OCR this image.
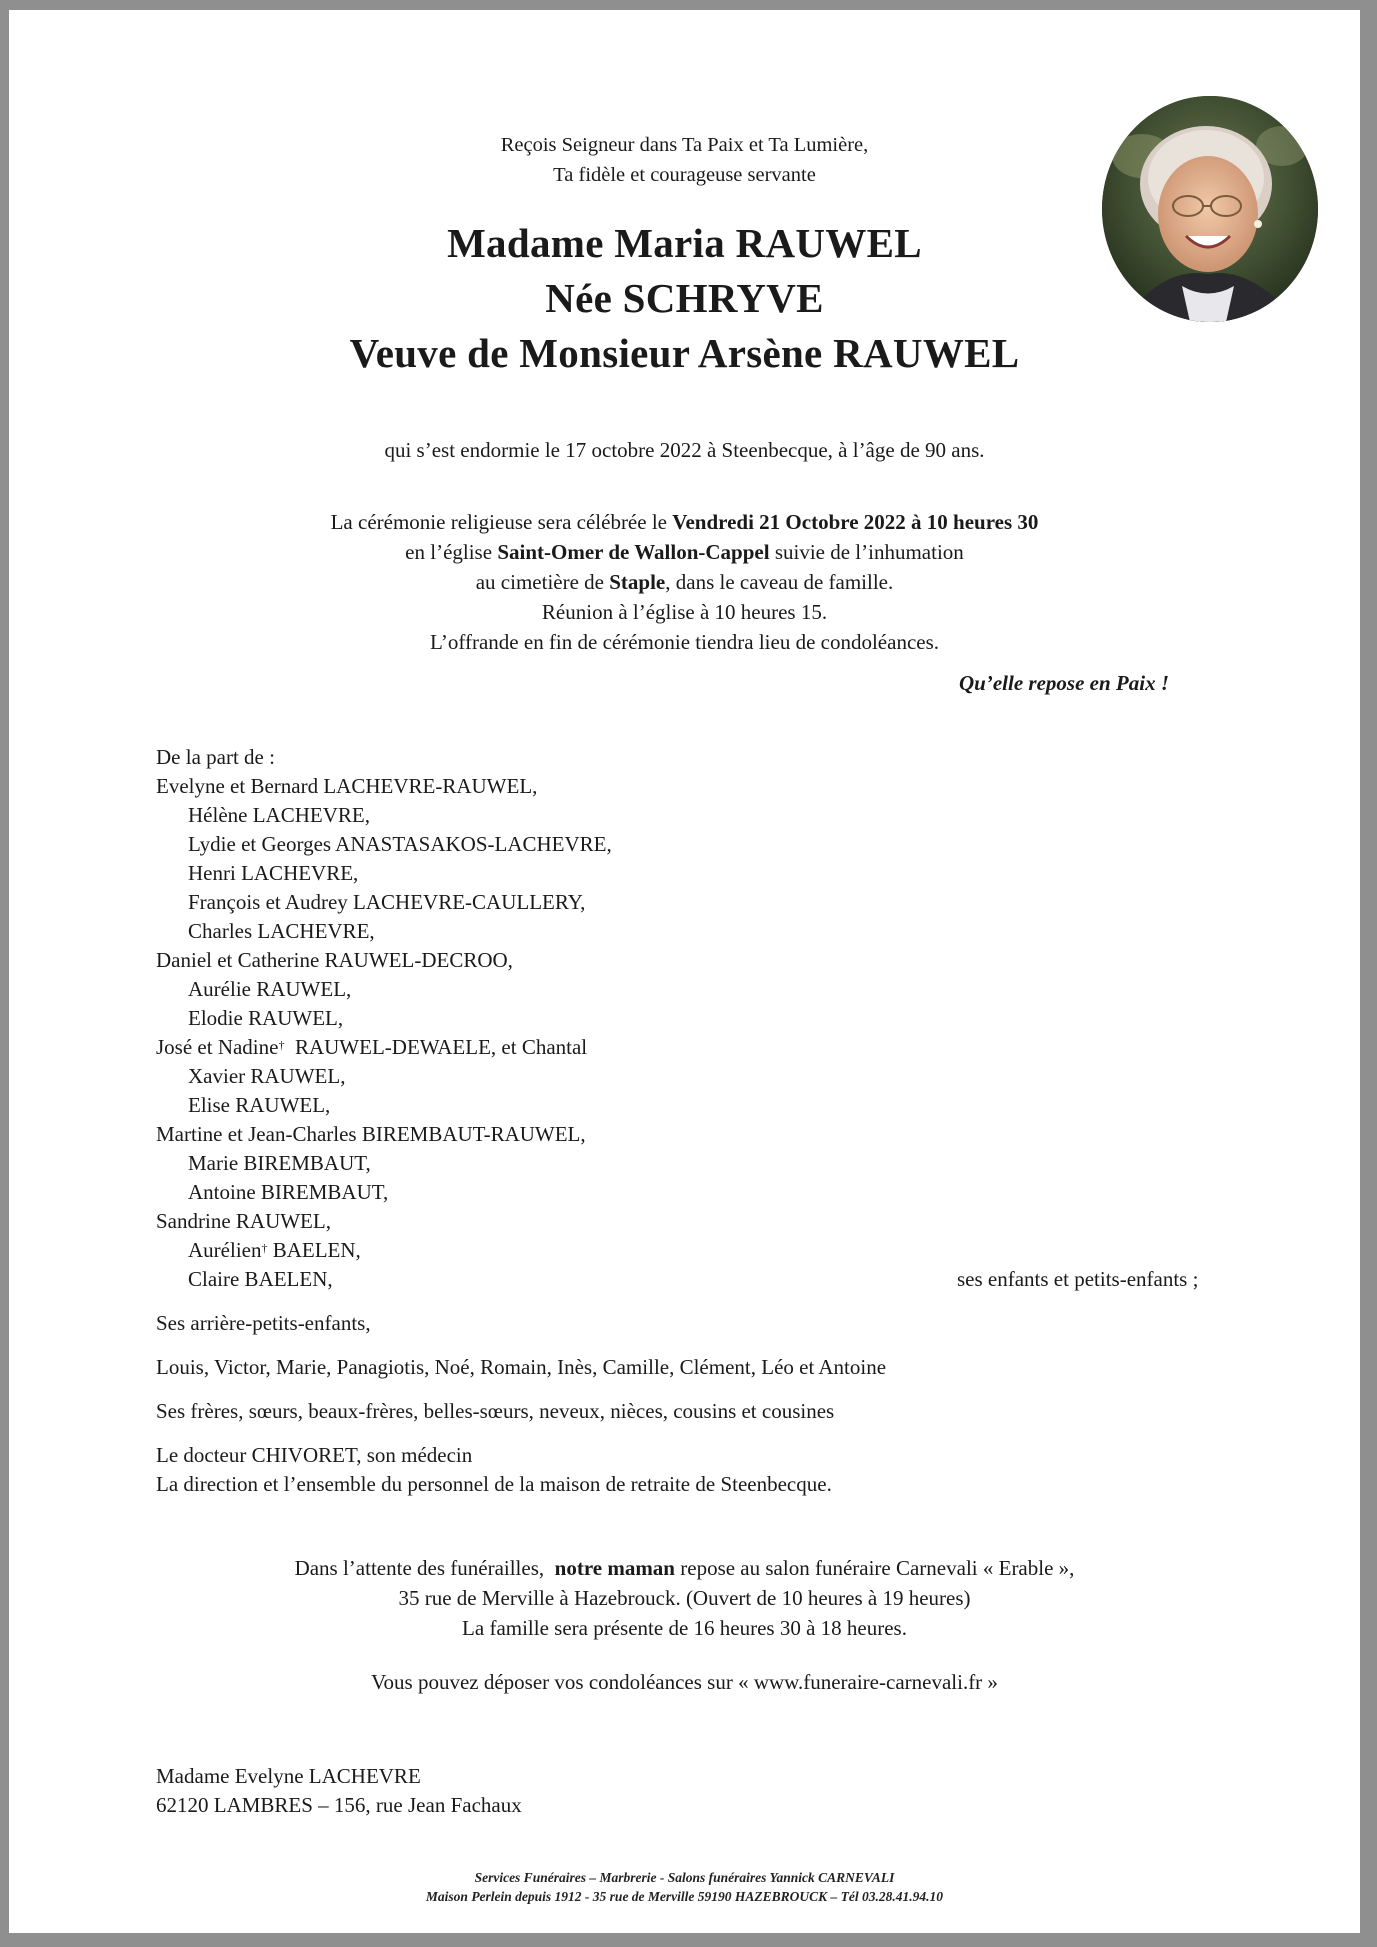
Reçois Seigneur dans Ta Paix et Ta Lumière,
Ta fidèle et courageuse servante
Madame Maria RAUWEL
Née SCHRYVE
Veuve de Monsieur Arsène RAUWEL
qui s’est endormie le 17 octobre 2022 à Steenbecque, à l’âge de 90 ans.
La cérémonie religieuse sera célébrée le Vendredi 21 Octobre 2022 à 10 heures 30
en l’église Saint-Omer de Wallon-Cappel suivie de l’inhumation
au cimetière de Staple, dans le caveau de famille.
Réunion à l’église à 10 heures 15.
L’offrande en fin de cérémonie tiendra lieu de condoléances.
Qu’elle repose en Paix !
De la part de :
Evelyne et Bernard LACHEVRE-RAUWEL,
Hélène LACHEVRE,
Lydie et Georges ANASTASAKOS-LACHEVRE,
Henri LACHEVRE,
François et Audrey LACHEVRE-CAULLERY,
Charles LACHEVRE,
Daniel et Catherine RAUWEL-DECROO,
Aurélie RAUWEL,
Elodie RAUWEL,
José et Nadine†  RAUWEL-DEWAELE, et Chantal
Xavier RAUWEL,
Elise RAUWEL,
Martine et Jean-Charles BIREMBAUT-RAUWEL,
Marie BIREMBAUT,
Antoine BIREMBAUT,
Sandrine RAUWEL,
Aurélien† BAELEN,
Claire BAELEN,	ses enfants et petits-enfants ;
Ses arrière-petits-enfants,
Louis, Victor, Marie, Panagiotis, Noé, Romain, Inès, Camille, Clément, Léo et Antoine
Ses frères, sœurs, beaux-frères, belles-sœurs, neveux, nièces, cousins et cousines
Le docteur CHIVORET, son médecin
La direction et l’ensemble du personnel de la maison de retraite de Steenbecque.
Dans l’attente des funérailles,  notre maman repose au salon funéraire Carnevali « Erable »,
35 rue de Merville à Hazebrouck. (Ouvert de 10 heures à 19 heures)
La famille sera présente de 16 heures 30 à 18 heures.
Vous pouvez déposer vos condoléances sur « www.funeraire-carnevali.fr »
Madame Evelyne LACHEVRE
62120 LAMBRES – 156, rue Jean Fachaux
Services Funéraires – Marbrerie - Salons funéraires Yannick CARNEVALI
Maison Perlein depuis 1912 - 35 rue de Merville 59190 HAZEBROUCK – Tél 03.28.41.94.10
